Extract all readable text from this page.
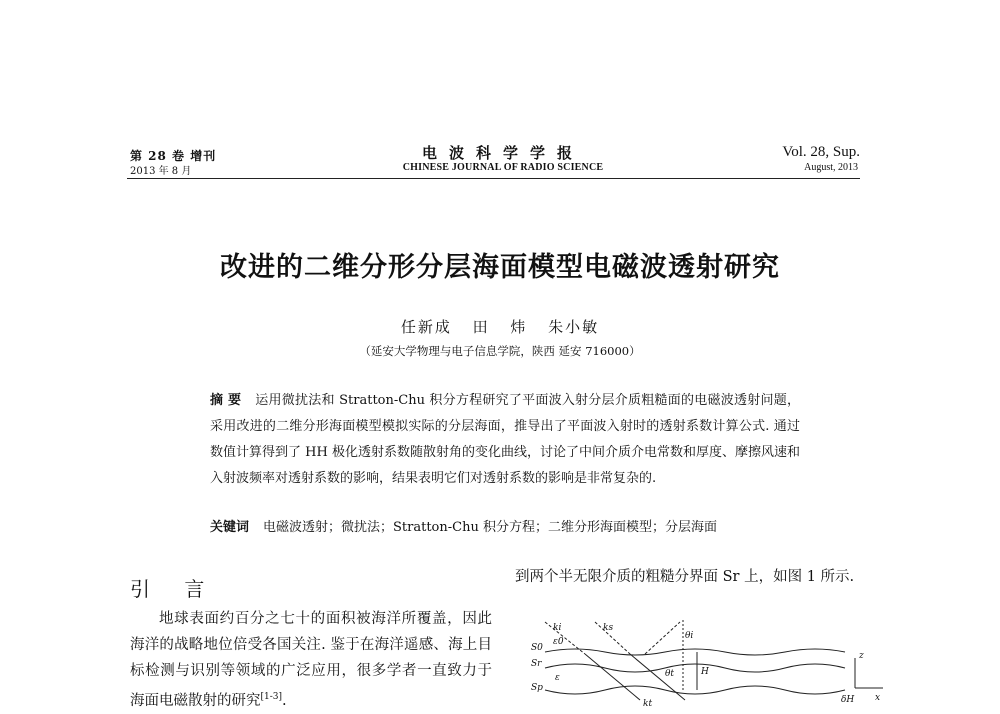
第 28 卷 增刊
2013 年 8 月
电波科学学报
CHINESE JOURNAL OF RADIO SCIENCE
Vol. 28, Sup.
August, 2013
改进的二维分形分层海面模型电磁波透射研究
任新成 田 炜 朱小敏
（延安大学物理与电子信息学院，陕西 延安 716000）
摘 要 运用微扰法和 Stratton-Chu 积分方程研究了平面波入射分层介质粗糙面的电磁波透射问题，采用改进的二维分形海面模型模拟实际的分层海面，推导出了平面波入射时的透射系数计算公式. 通过数值计算得到了 HH 极化透射系数随散射角的变化曲线，讨论了中间介质介电常数和厚度、摩擦风速和入射波频率对透射系数的影响，结果表明它们对透射系数的影响是非常复杂的.
关键词 电磁波透射；微扰法；Stratton-Chu 积分方程；二维分形海面模型；分层海面
引 言

地球表面约百分之七十的面积被海洋所覆盖，因此海洋的战略地位倍受各国关注. 鉴于在海洋遥感、海上目标检测与识别等领域的广泛应用，很多学者一直致力于海面电磁散射的研究[1-3].

到两个半无限介质的粗糙分界面 Sr 上，如图 1 所示.

ki	ks
θi
S0
ε0
Sr
ε
Sp
θt
kt
H
δH
z
x
